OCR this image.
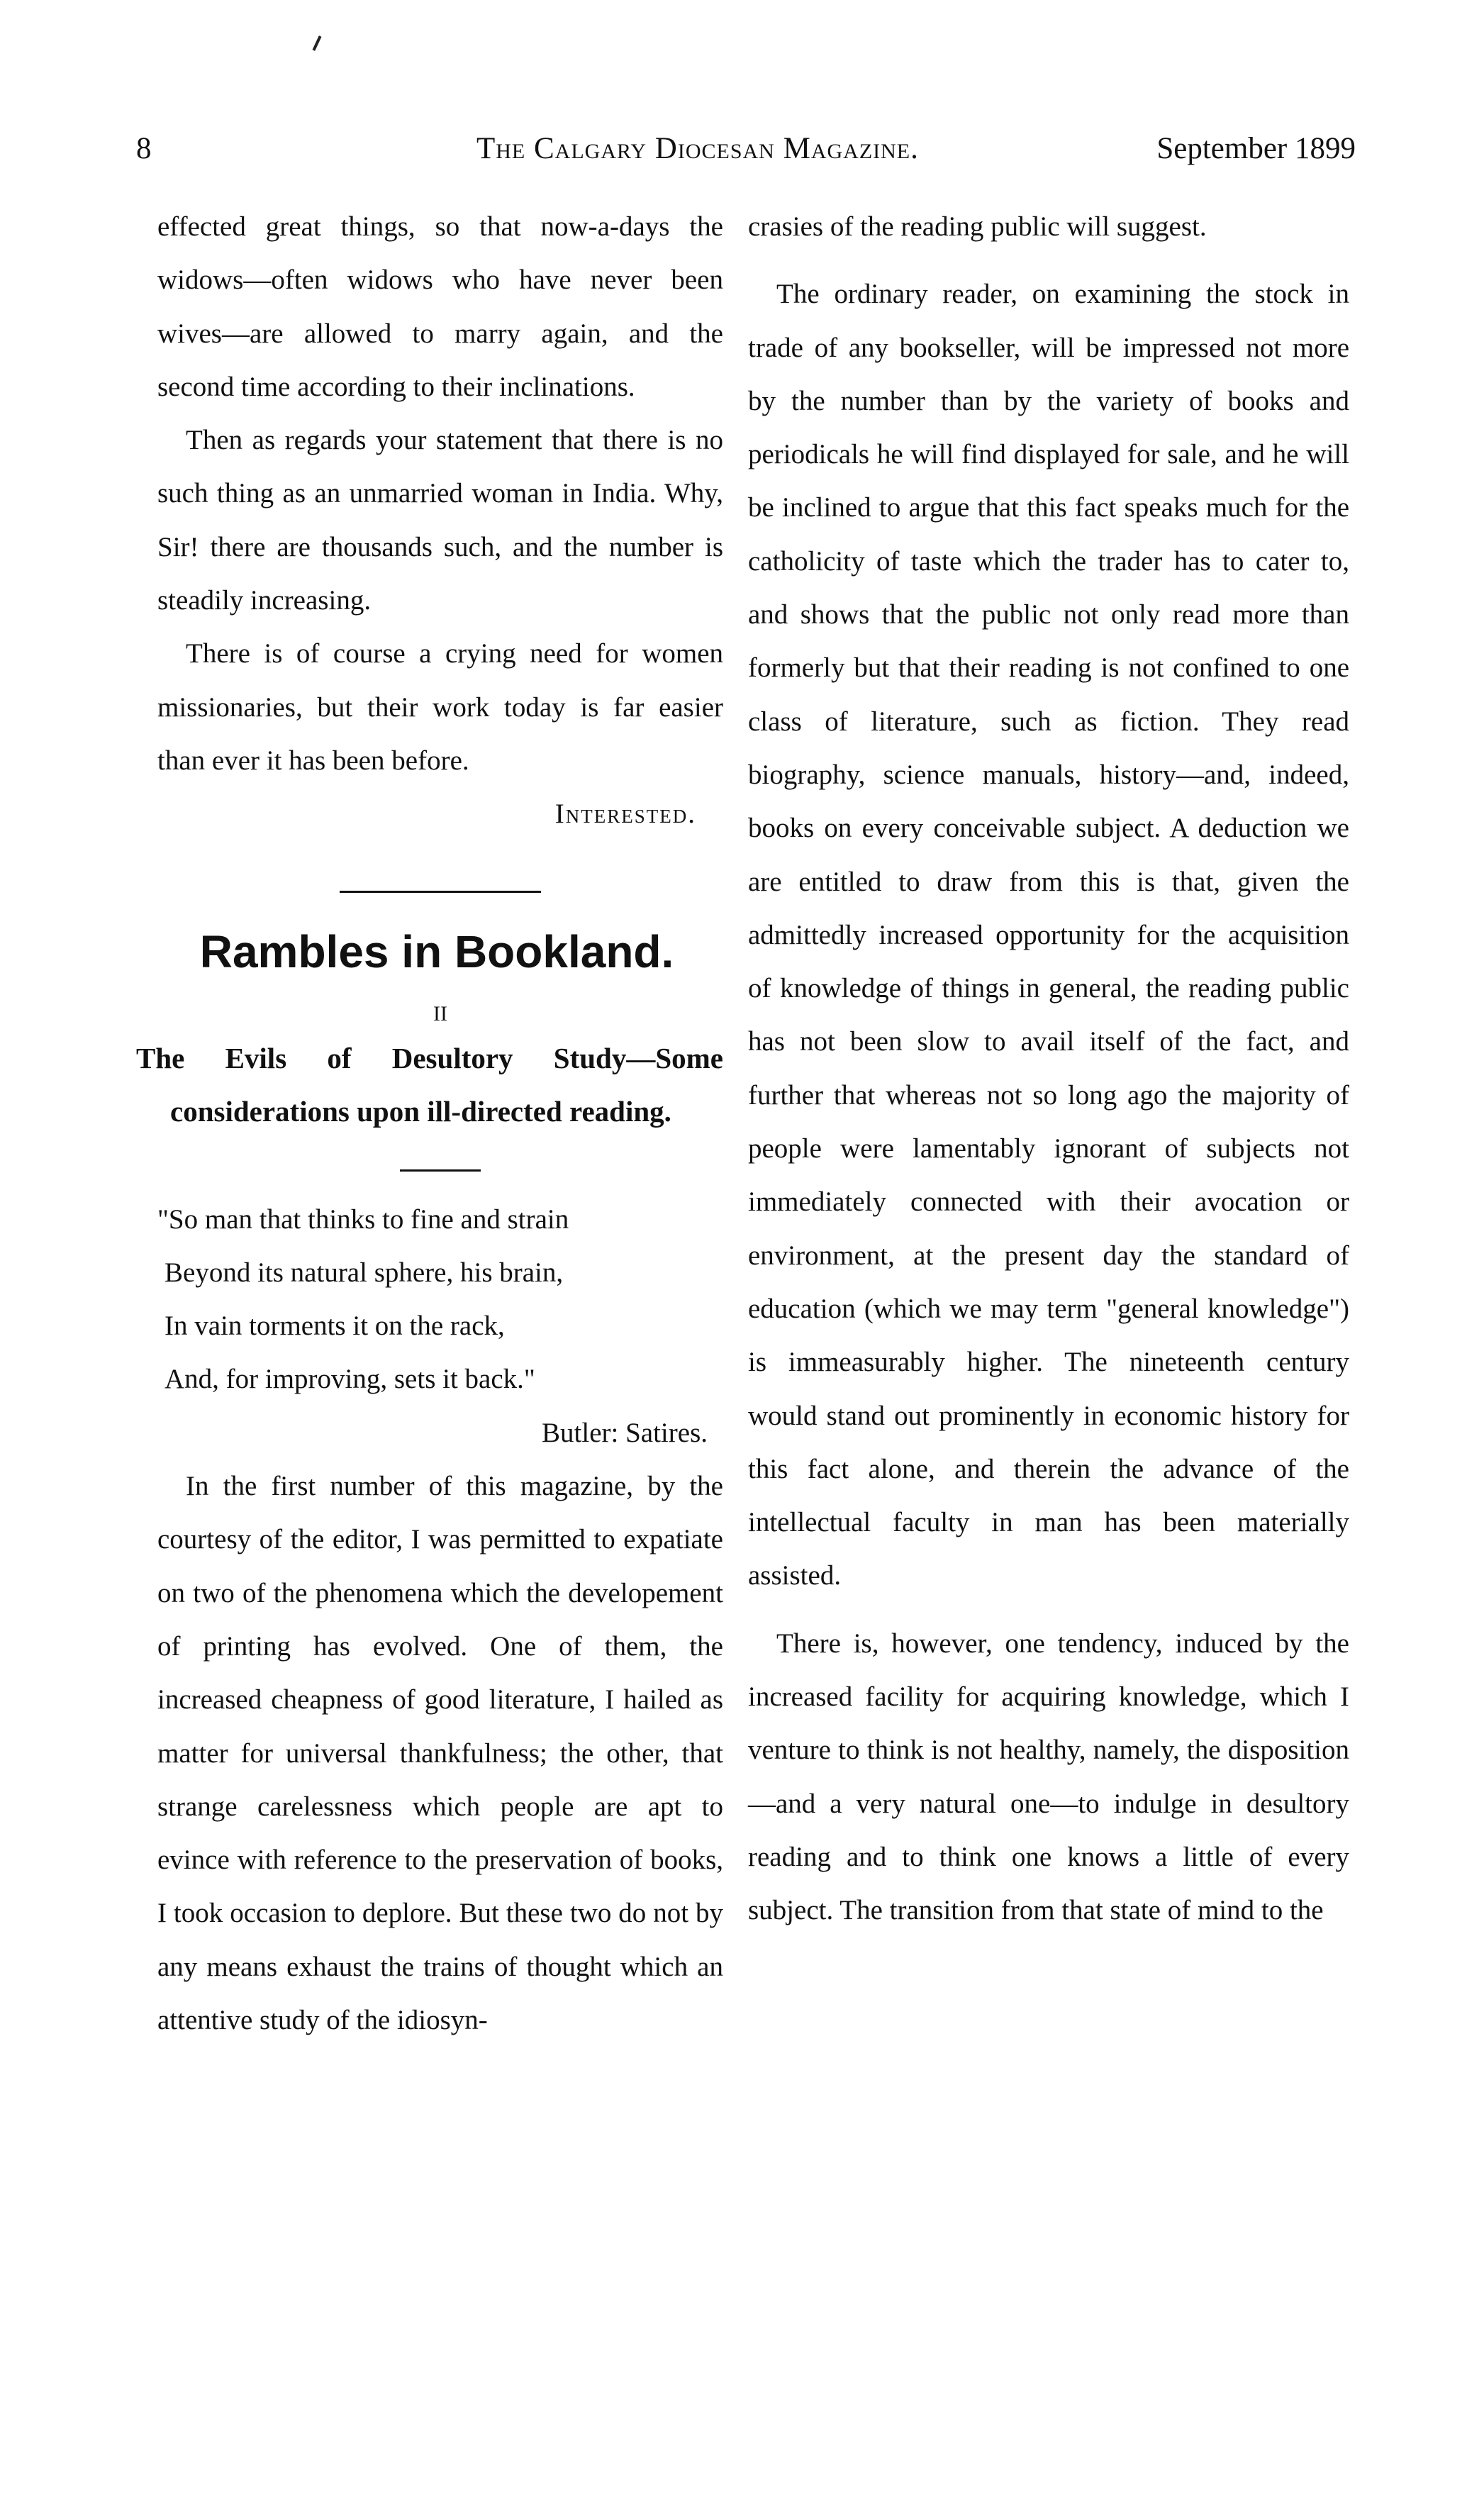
8	The Calgary Diocesan Magazine.	September 1899

effected great things, so that now-a-days the widows—often widows who have never been wives—are allowed to marry again, and the second time according to their inclinations.

Then as regards your statement that there is no such thing as an unmarried woman in India. Why, Sir! there are thousands such, and the number is steadily increasing.

There is of course a crying need for women missionaries, but their work today is far easier than ever it has been before.

Interested.

Rambles in Bookland.
II
The Evils of Desultory Study—Some considerations upon ill-directed reading.
"So man that thinks to fine and strain
Beyond its natural sphere, his brain,
In vain torments it on the rack,
And, for improving, sets it back."

Butler: Satires.

In the first number of this magazine, by the courtesy of the editor, I was permitted to expatiate on two of the phenomena which the developement of printing has evolved. One of them, the increased cheapness of good literature, I hailed as matter for universal thankfulness; the other, that strange carelessness which people are apt to evince with reference to the preservation of books, I took occasion to deplore. But these two do not by any means exhaust the trains of thought which an attentive study of the idiosyn-

crasies of the reading public will suggest.

The ordinary reader, on examining the stock in trade of any bookseller, will be impressed not more by the number than by the variety of books and periodicals he will find displayed for sale, and he will be inclined to argue that this fact speaks much for the catholicity of taste which the trader has to cater to, and shows that the public not only read more than formerly but that their reading is not confined to one class of literature, such as fiction. They read biography, science manuals, history—and, indeed, books on every conceivable subject. A deduction we are entitled to draw from this is that, given the admittedly increased opportunity for the acquisition of knowledge of things in general, the reading public has not been slow to avail itself of the fact, and further that whereas not so long ago the majority of people were lamentably ignorant of subjects not immediately connected with their avocation or environment, at the present day the standard of education (which we may term "general knowledge") is immeasurably higher. The nineteenth century would stand out prominently in economic history for this fact alone, and therein the advance of the intellectual faculty in man has been materially assisted.

There is, however, one tendency, induced by the increased facility for acquiring knowledge, which I venture to think is not healthy, namely, the disposition—and a very natural one—to indulge in desultory reading and to think one knows a little of every subject. The transition from that state of mind to the
